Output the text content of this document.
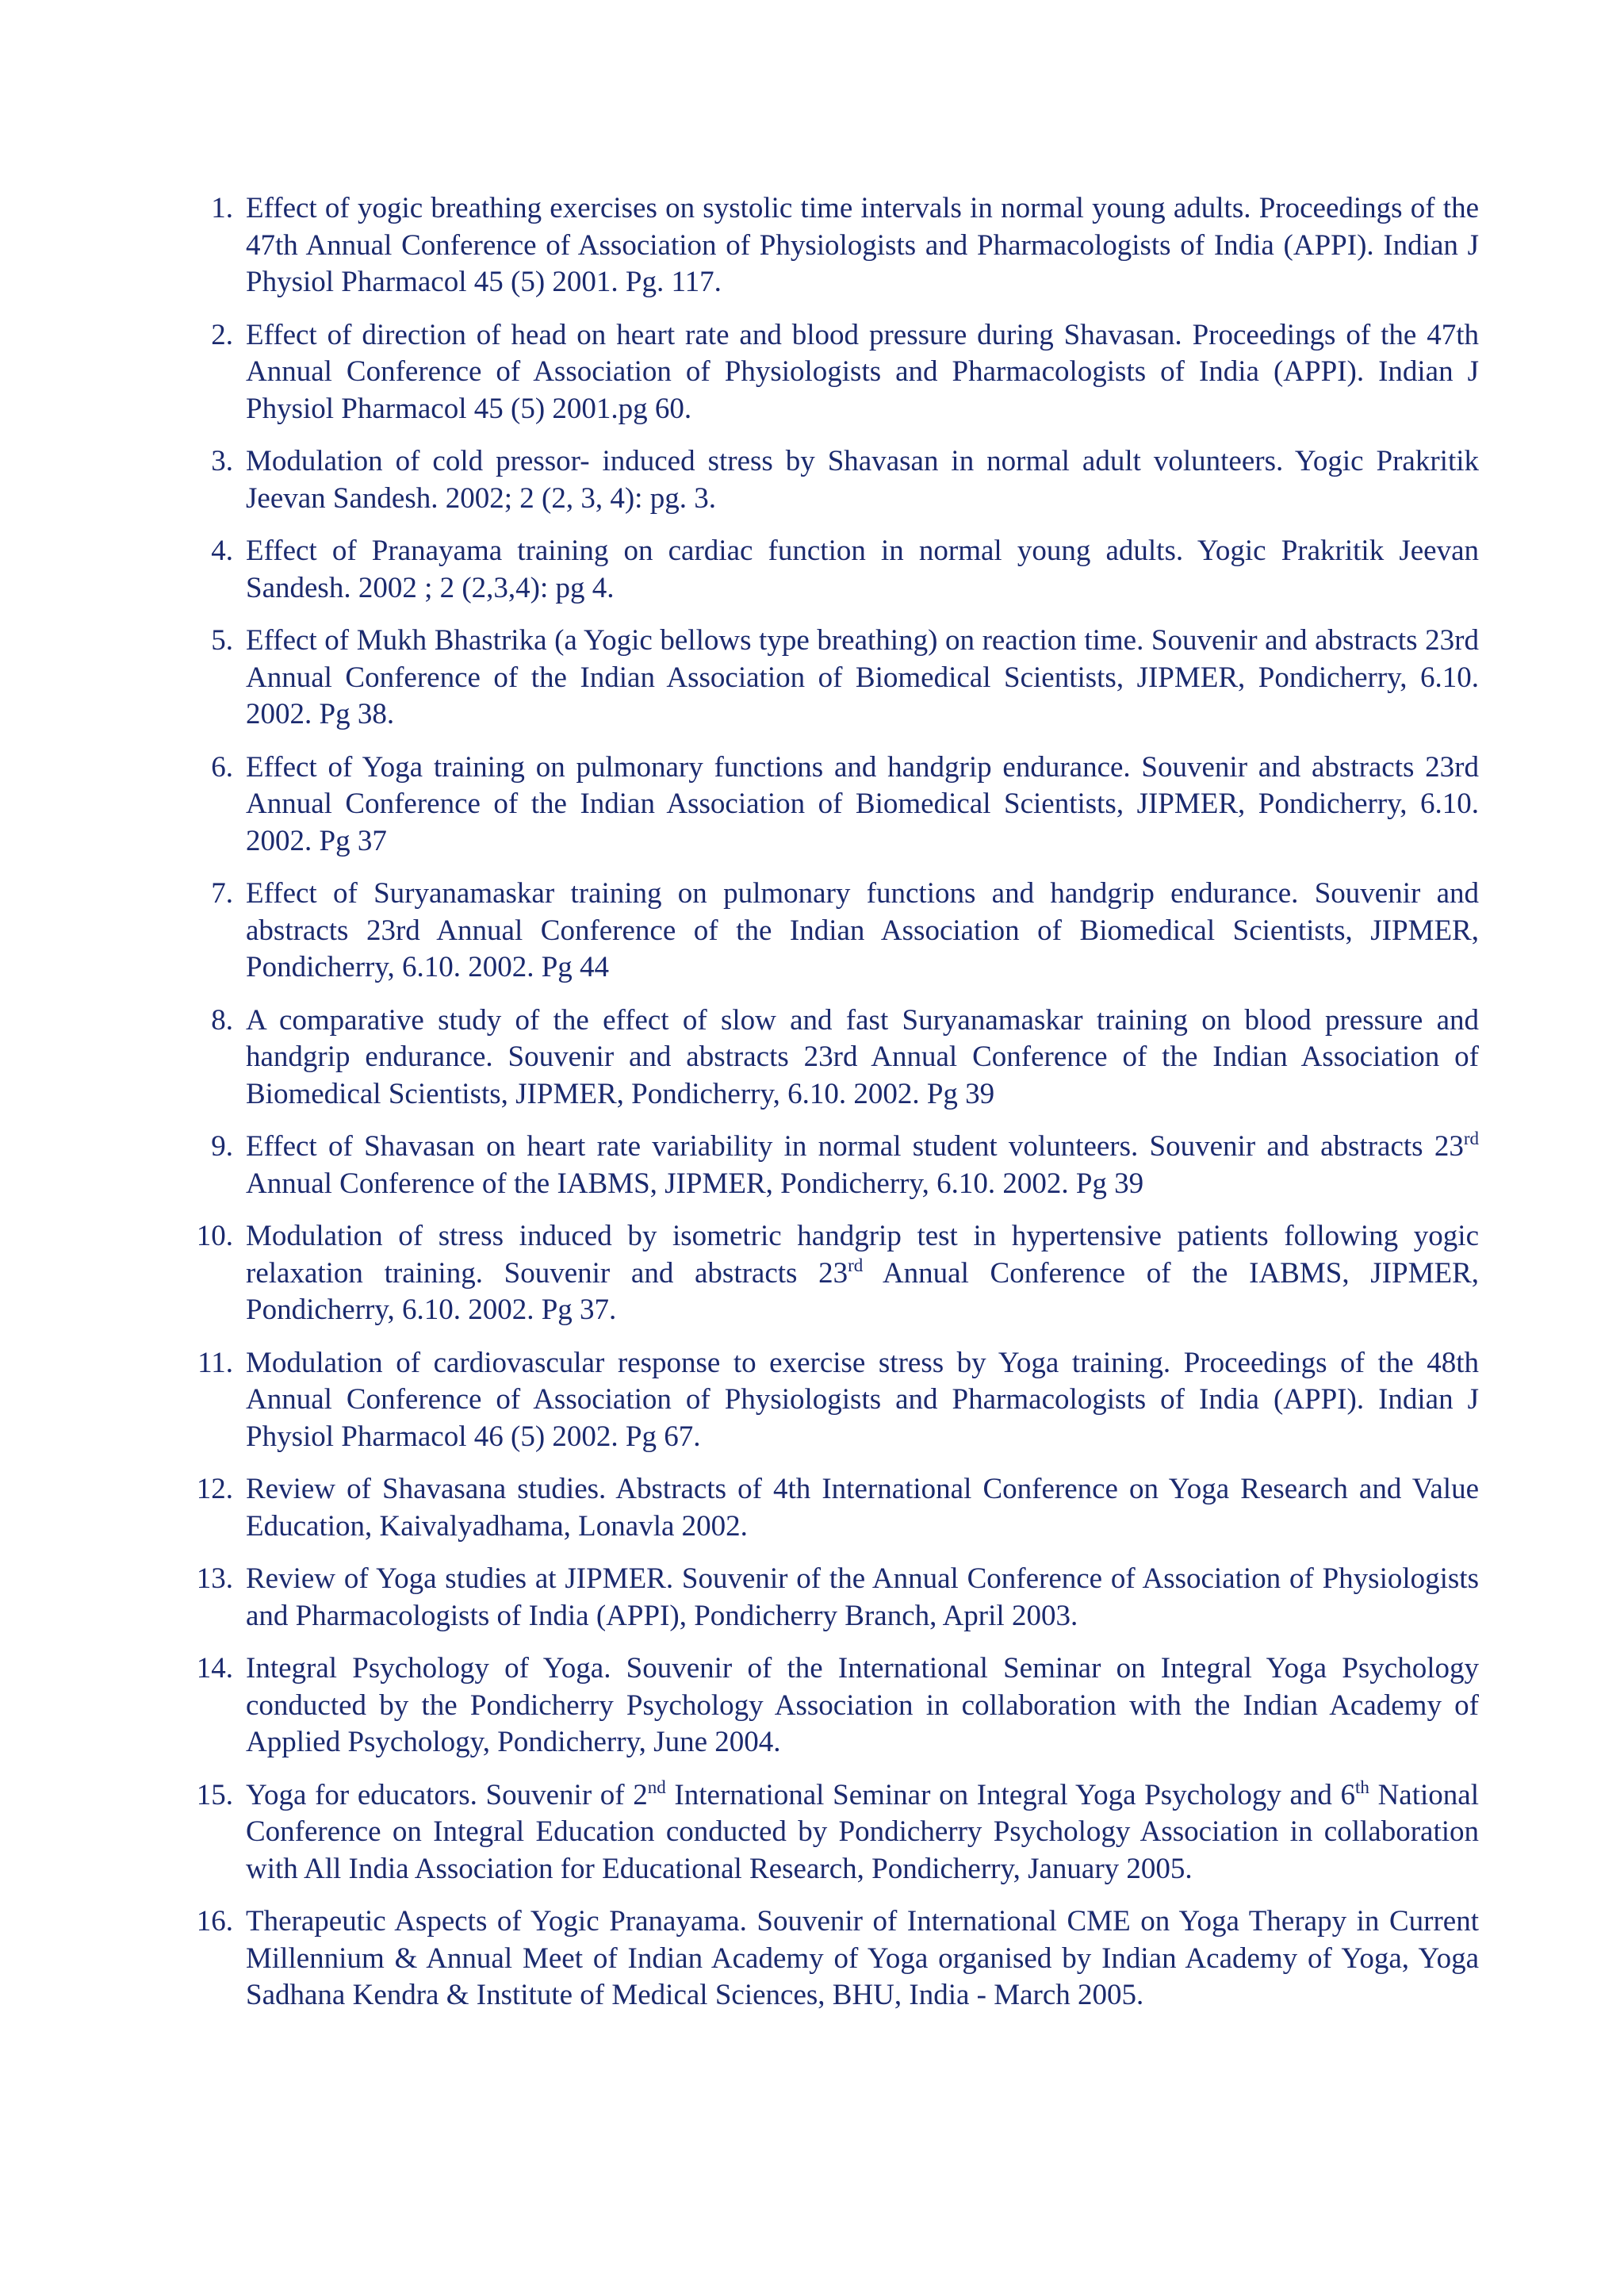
1. Effect of yogic breathing exercises on systolic time intervals in normal young adults. Proceedings of the 47th Annual Conference of Association of Physiologists and Pharmacologists of India (APPI). Indian J Physiol Pharmacol 45 (5) 2001. Pg. 117.
2. Effect of direction of head on heart rate and blood pressure during Shavasan. Proceedings of the 47th Annual Conference of Association of Physiologists and Pharmacologists of India (APPI). Indian J Physiol Pharmacol 45 (5) 2001.pg 60.
3. Modulation of cold pressor- induced stress by Shavasan in normal adult volunteers. Yogic Prakritik Jeevan Sandesh. 2002; 2 (2, 3, 4): pg. 3.
4. Effect of Pranayama training on cardiac function in normal young adults. Yogic Prakritik Jeevan Sandesh. 2002 ; 2 (2,3,4): pg 4.
5. Effect of Mukh Bhastrika (a Yogic bellows type breathing) on reaction time. Souvenir and abstracts 23rd Annual Conference of the Indian Association of Biomedical Scientists, JIPMER, Pondicherry, 6.10. 2002. Pg 38.
6. Effect of Yoga training on pulmonary functions and handgrip endurance. Souvenir and abstracts 23rd Annual Conference of the Indian Association of Biomedical Scientists, JIPMER, Pondicherry, 6.10. 2002. Pg 37
7. Effect of Suryanamaskar training on pulmonary functions and handgrip endurance. Souvenir and abstracts 23rd Annual Conference of the Indian Association of Biomedical Scientists, JIPMER, Pondicherry, 6.10. 2002. Pg 44
8. A comparative study of the effect of slow and fast Suryanamaskar training on blood pressure and handgrip endurance. Souvenir and abstracts 23rd Annual Conference of the Indian Association of Biomedical Scientists, JIPMER, Pondicherry, 6.10. 2002. Pg 39
9. Effect of Shavasan on heart rate variability in normal student volunteers. Souvenir and abstracts 23rd Annual Conference of the IABMS, JIPMER, Pondicherry, 6.10. 2002. Pg 39
10. Modulation of stress induced by isometric handgrip test in hypertensive patients following yogic relaxation training. Souvenir and abstracts 23rd Annual Conference of the IABMS, JIPMER, Pondicherry, 6.10. 2002. Pg 37.
11. Modulation of cardiovascular response to exercise stress by Yoga training. Proceedings of the 48th Annual Conference of Association of Physiologists and Pharmacologists of India (APPI). Indian J Physiol Pharmacol 46 (5) 2002. Pg 67.
12. Review of Shavasana studies. Abstracts of 4th International Conference on Yoga Research and Value Education, Kaivalyadhama, Lonavla 2002.
13. Review of Yoga studies at JIPMER. Souvenir of the Annual Conference of Association of Physiologists and Pharmacologists of India (APPI), Pondicherry Branch, April 2003.
14. Integral Psychology of Yoga. Souvenir of the International Seminar on Integral Yoga Psychology conducted by the Pondicherry Psychology Association in collaboration with the Indian Academy of Applied Psychology, Pondicherry, June 2004.
15. Yoga for educators. Souvenir of 2nd International Seminar on Integral Yoga Psychology and 6th National Conference on Integral Education conducted by Pondicherry Psychology Association in collaboration with All India Association for Educational Research, Pondicherry, January 2005.
16. Therapeutic Aspects of Yogic Pranayama. Souvenir of International CME on Yoga Therapy in Current Millennium & Annual Meet of Indian Academy of Yoga organised by Indian Academy of Yoga, Yoga Sadhana Kendra & Institute of Medical Sciences, BHU, India - March 2005.
